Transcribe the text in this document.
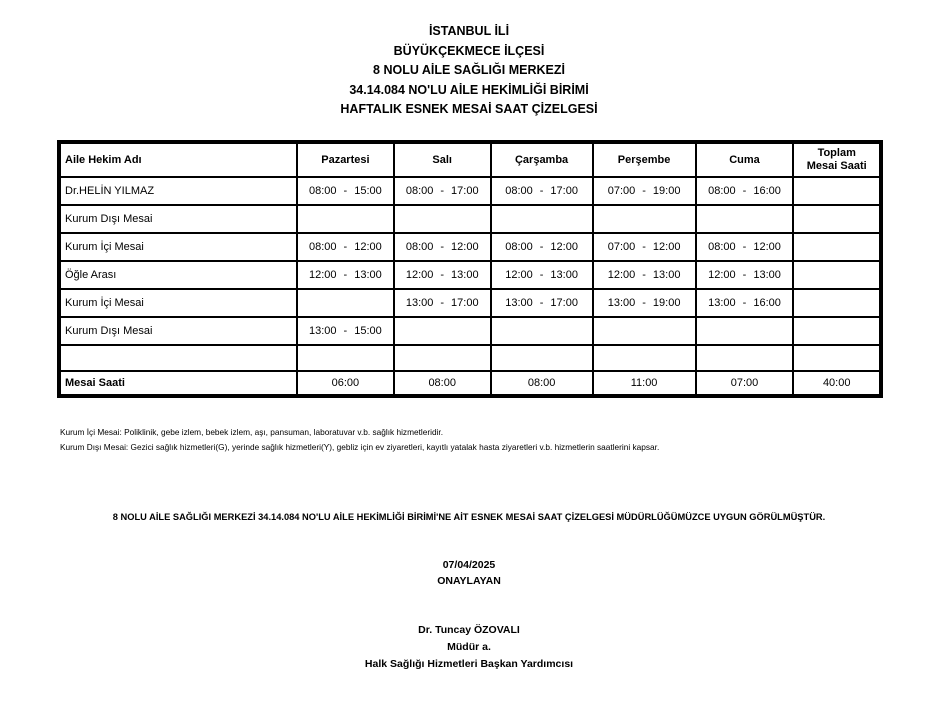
İSTANBUL İLİ
BÜYÜKÇEKMECE İLÇESİ
8 NOLU AİLE SAĞLIĞI MERKEZİ
34.14.084 NO'LU AİLE HEKİMLİĞİ BİRİMİ
HAFTALIK ESNEK MESAİ SAAT ÇİZELGESİ
Aile Hekim Adı	Pazartesi	Salı	Çarşamba	Perşembe	Cuma	Toplam
Mesai Saati
Dr.HELİN YILMAZ	08:00 - 15:00	08:00 - 17:00	08:00 - 17:00	07:00 - 19:00	08:00 - 16:00	
Kurum Dışı Mesai						
Kurum İçi Mesai	08:00 - 12:00	08:00 - 12:00	08:00 - 12:00	07:00 - 12:00	08:00 - 12:00	
Öğle Arası	12:00 - 13:00	12:00 - 13:00	12:00 - 13:00	12:00 - 13:00	12:00 - 13:00	
Kurum İçi Mesai		13:00 - 17:00	13:00 - 17:00	13:00 - 19:00	13:00 - 16:00	
Kurum Dışı Mesai	13:00 - 15:00					

Mesai Saati	06:00	08:00	08:00	11:00	07:00	40:00
Kurum İçi Mesai: Poliklinik, gebe izlem, bebek izlem, aşı, pansuman, laboratuvar v.b. sağlık hizmetleridir.
Kurum Dışı Mesai: Gezici sağlık hizmetleri(G), yerinde sağlık hizmetleri(Y), gebliz için ev ziyaretleri, kayıtlı yatalak hasta ziyaretleri v.b. hizmetlerin saatlerini kapsar.
8 NOLU AİLE SAĞLIĞI MERKEZİ 34.14.084 NO'LU AİLE HEKİMLİĞİ BİRİMİ'NE AİT ESNEK MESAİ SAAT ÇİZELGESİ MÜDÜRLÜĞÜMÜZCE UYGUN GÖRÜLMÜŞTÜR.
07/04/2025
ONAYLAYAN
Dr. Tuncay ÖZOVALI
Müdür a.
Halk Sağlığı Hizmetleri Başkan Yardımcısı
